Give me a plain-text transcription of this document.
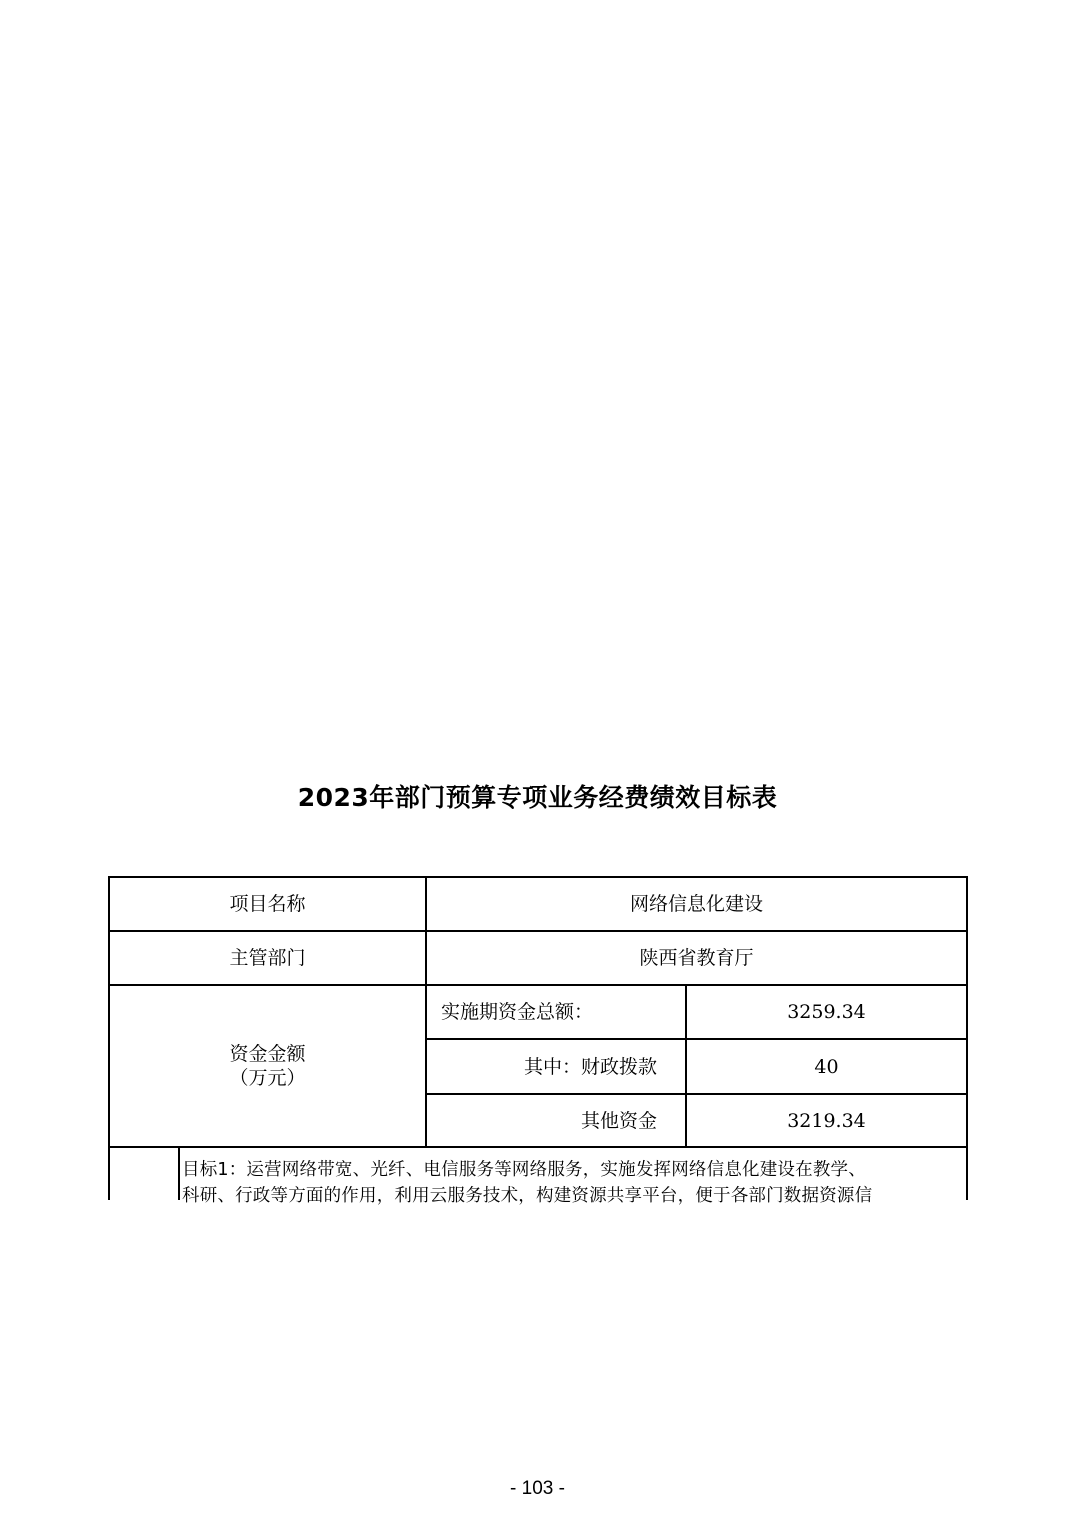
2023年部门预算专项业务经费绩效目标表
项目名称	网络信息化建设
主管部门	陕西省教育厅
资金金额
（万元）
实施期资金总额：	3259.34
其中：财政拨款	40
其他资金	3219.34
目标1：运营网络带宽、光纤、电信服务等网络服务，实施发挥网络信息化建设在教学、
科研、行政等方面的作用，利用云服务技术，构建资源共享平台，便于各部门数据资源信
- 103 -
